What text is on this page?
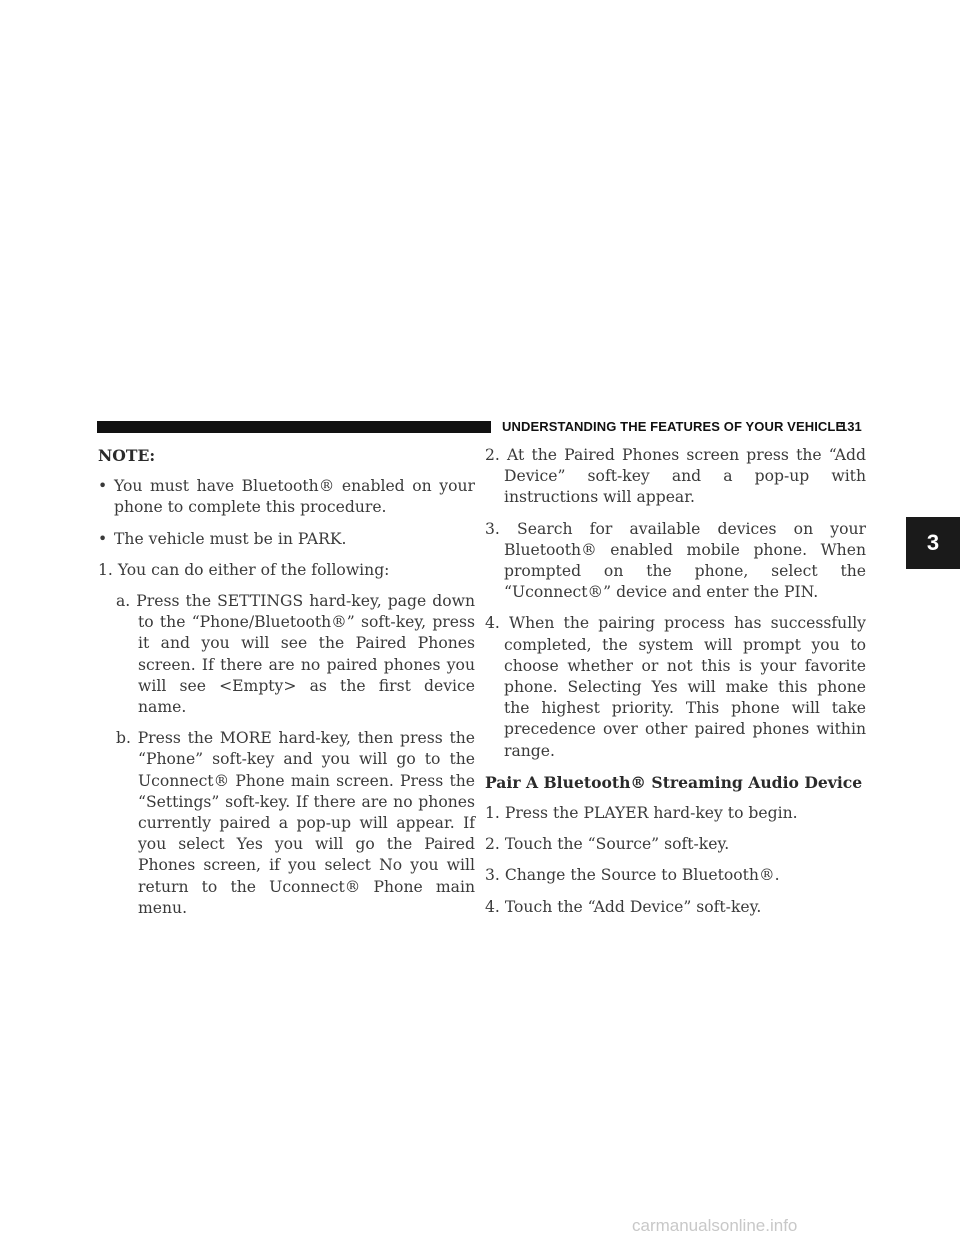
UNDERSTANDING THE FEATURES OF YOUR VEHICLE
131
3

NOTE:

• You must have Bluetooth® enabled on your phone to complete this procedure.

• The vehicle must be in PARK.

1. You can do either of the following:

a. Press the SETTINGS hard-key, page down to the “Phone/Bluetooth®” soft-key, press it and you will see the Paired Phones screen. If there are no paired phones you will see <Empty> as the first device name.

b. Press the MORE hard-key, then press the “Phone” soft-key and you will go to the Uconnect® Phone main screen. Press the “Settings” soft-key. If there are no phones currently paired a pop-up will appear. If you select Yes you will go the Paired Phones screen, if you select No you will return to the Uconnect® Phone main menu.

2. At the Paired Phones screen press the “Add Device” soft-key and a pop-up with instructions will appear.

3. Search for available devices on your Bluetooth® enabled mobile phone. When prompted on the phone, select the “Uconnect®” device and enter the PIN.

4. When the pairing process has successfully completed, the system will prompt you to choose whether or not this is your favorite phone. Selecting Yes will make this phone the highest priority. This phone will take precedence over other paired phones within range.

Pair A Bluetooth® Streaming Audio Device

1. Press the PLAYER hard-key to begin.

2. Touch the “Source” soft-key.

3. Change the Source to Bluetooth®.

4. Touch the “Add Device” soft-key.

carmanualsonline.info
